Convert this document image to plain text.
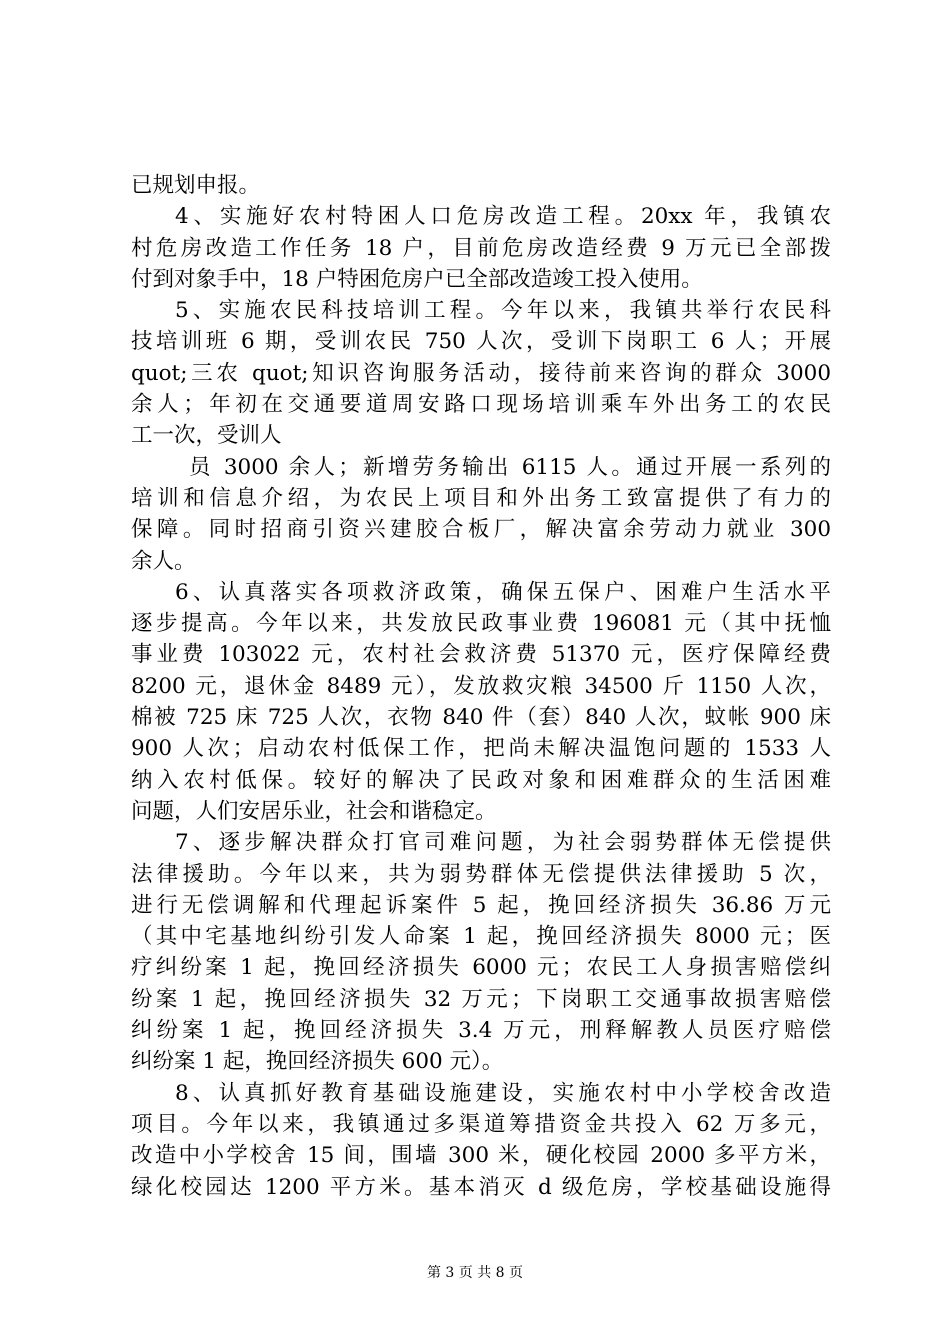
已规划申报。
4、实施好农村特困人口危房改造工程。20xx 年，我镇农
村危房改造工作任务 18 户，目前危房改造经费 9 万元已全部拨
付到对象手中，18 户特困危房户已全部改造竣工投入使用。
5、实施农民科技培训工程。今年以来，我镇共举行农民科
技培训班 6 期，受训农民 750 人次，受训下岗职工 6 人；开展
quot;三农 quot;知识咨询服务活动，接待前来咨询的群众 3000
余人；年初在交通要道周安路口现场培训乘车外出务工的农民
工一次，受训人
员 3000 余人；新增劳务输出 6115 人。通过开展一系列的
培训和信息介绍，为农民上项目和外出务工致富提供了有力的
保障。同时招商引资兴建胶合板厂，解决富余劳动力就业 300
余人。
6、认真落实各项救济政策，确保五保户、困难户生活水平
逐步提高。今年以来，共发放民政事业费 196081 元（其中抚恤
事业费 103022 元，农村社会救济费 51370 元，医疗保障经费
8200 元，退休金 8489 元），发放救灾粮 34500 斤 1150 人次，
棉被 725 床 725 人次，衣物 840 件（套）840 人次，蚊帐 900 床
900 人次；启动农村低保工作，把尚未解决温饱问题的 1533 人
纳入农村低保。较好的解决了民政对象和困难群众的生活困难
问题，人们安居乐业，社会和谐稳定。
7、逐步解决群众打官司难问题，为社会弱势群体无偿提供
法律援助。今年以来，共为弱势群体无偿提供法律援助 5 次，
进行无偿调解和代理起诉案件 5 起，挽回经济损失 36.86 万元
（其中宅基地纠纷引发人命案 1 起，挽回经济损失 8000 元；医
疗纠纷案 1 起，挽回经济损失 6000 元；农民工人身损害赔偿纠
纷案 1 起，挽回经济损失 32 万元；下岗职工交通事故损害赔偿
纠纷案 1 起，挽回经济损失 3.4 万元，刑释解教人员医疗赔偿
纠纷案 1 起，挽回经济损失 600 元）。
8、认真抓好教育基础设施建设，实施农村中小学校舍改造
项目。今年以来，我镇通过多渠道筹措资金共投入 62 万多元，
改造中小学校舍 15 间，围墙 300 米，硬化校园 2000 多平方米，
绿化校园达 1200 平方米。基本消灭 d 级危房，学校基础设施得
第 3 页 共 8 页
